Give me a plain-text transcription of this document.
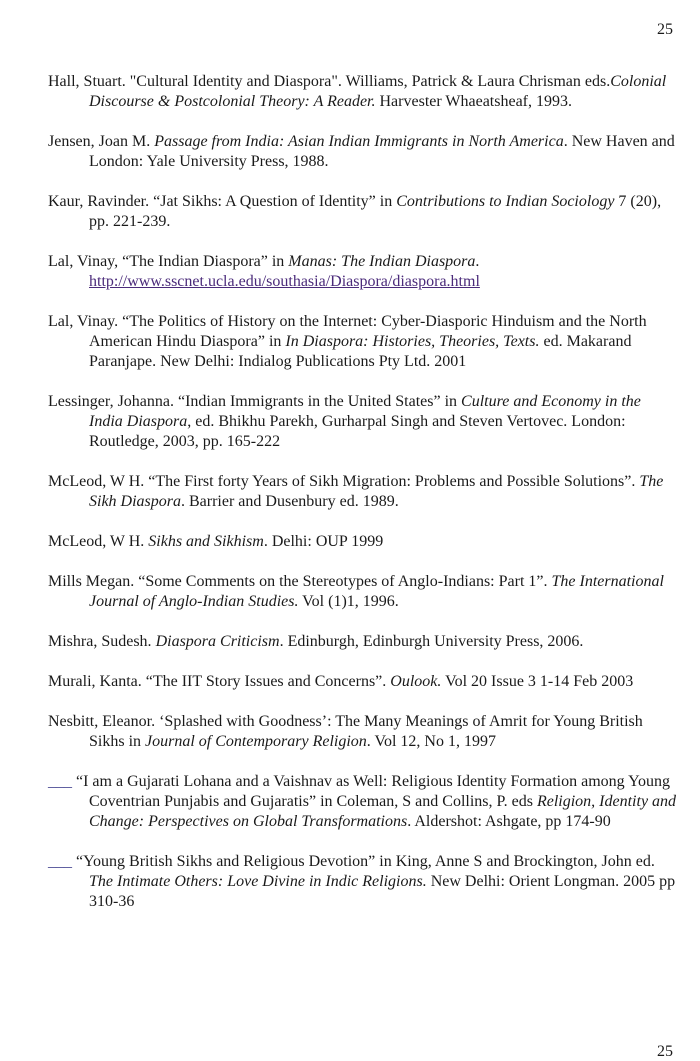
25
Hall, Stuart. "Cultural Identity and Diaspora". Williams, Patrick & Laura Chrisman eds.Colonial Discourse & Postcolonial Theory: A Reader. Harvester Whaeatsheaf, 1993.
Jensen, Joan M. Passage from India: Asian Indian Immigrants in North America. New Haven and London: Yale University Press, 1988.
Kaur, Ravinder. “Jat Sikhs: A Question of Identity” in Contributions to Indian Sociology 7 (20), pp. 221-239.
Lal, Vinay, “The Indian Diaspora” in Manas: The Indian Diaspora.
http://www.sscnet.ucla.edu/southasia/Diaspora/diaspora.html
Lal, Vinay. “The Politics of History on the Internet: Cyber-Diasporic Hinduism and the North American Hindu Diaspora” in In Diaspora: Histories, Theories, Texts. ed. Makarand Paranjape. New Delhi: Indialog Publications Pty Ltd. 2001
Lessinger, Johanna. “Indian Immigrants in the United States” in Culture and Economy in the India Diaspora, ed. Bhikhu Parekh, Gurharpal Singh and Steven Vertovec. London: Routledge, 2003, pp. 165-222
McLeod, W H. “The First forty Years of Sikh Migration: Problems and Possible Solutions”. The Sikh Diaspora. Barrier and Dusenbury ed. 1989.
McLeod, W H. Sikhs and Sikhism. Delhi: OUP 1999
Mills Megan. “Some Comments on the Stereotypes of Anglo-Indians: Part 1”. The International Journal of Anglo-Indian Studies. Vol (1)1, 1996.
Mishra, Sudesh. Diaspora Criticism. Edinburgh, Edinburgh University Press, 2006.
Murali, Kanta. “The IIT Story Issues and Concerns”. Oulook. Vol 20 Issue 3 1-14 Feb 2003
Nesbitt, Eleanor. ‘Splashed with Goodness’: The Many Meanings of Amrit for Young British Sikhs in Journal of Contemporary Religion. Vol 12, No 1, 1997
___ “I am a Gujarati Lohana and a Vaishnav as Well: Religious Identity Formation among Young Coventrian Punjabis and Gujaratis” in Coleman, S and Collins, P. eds Religion, Identity and Change: Perspectives on Global Transformations. Aldershot: Ashgate, pp 174-90
___ “Young British Sikhs and Religious Devotion” in King, Anne S and Brockington, John ed. The Intimate Others: Love Divine in Indic Religions. New Delhi: Orient Longman. 2005 pp 310-36
25
